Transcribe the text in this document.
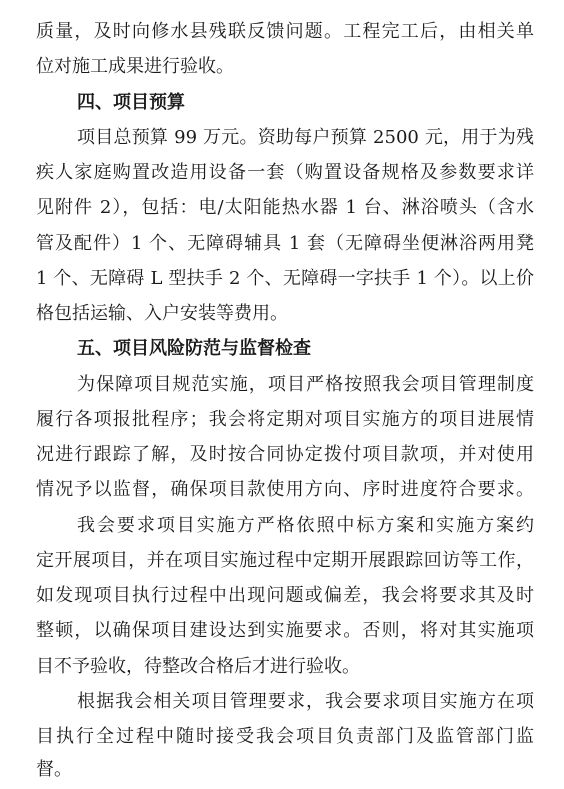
质量，及时向修水县残联反馈问题。工程完工后，由相关单
位对施工成果进行验收。
四、项目预算
项目总预算 99 万元。资助每户预算 2500 元，用于为残
疾人家庭购置改造用设备一套（购置设备规格及参数要求详
见附件 2），包括：电/太阳能热水器 1 台、淋浴喷头（含水
管及配件）1 个、无障碍辅具 1 套（无障碍坐便淋浴两用凳
1 个、无障碍 L 型扶手 2 个、无障碍一字扶手 1 个）。以上价
格包括运输、入户安装等费用。
五、项目风险防范与监督检查
为保障项目规范实施，项目严格按照我会项目管理制度
履行各项报批程序；我会将定期对项目实施方的项目进展情
况进行跟踪了解，及时按合同协定拨付项目款项，并对使用
情况予以监督，确保项目款使用方向、序时进度符合要求。
我会要求项目实施方严格依照中标方案和实施方案约
定开展项目，并在项目实施过程中定期开展跟踪回访等工作，
如发现项目执行过程中出现问题或偏差，我会将要求其及时
整顿，以确保项目建设达到实施要求。否则，将对其实施项
目不予验收，待整改合格后才进行验收。
根据我会相关项目管理要求，我会要求项目实施方在项
目执行全过程中随时接受我会项目负责部门及监管部门监
督。
